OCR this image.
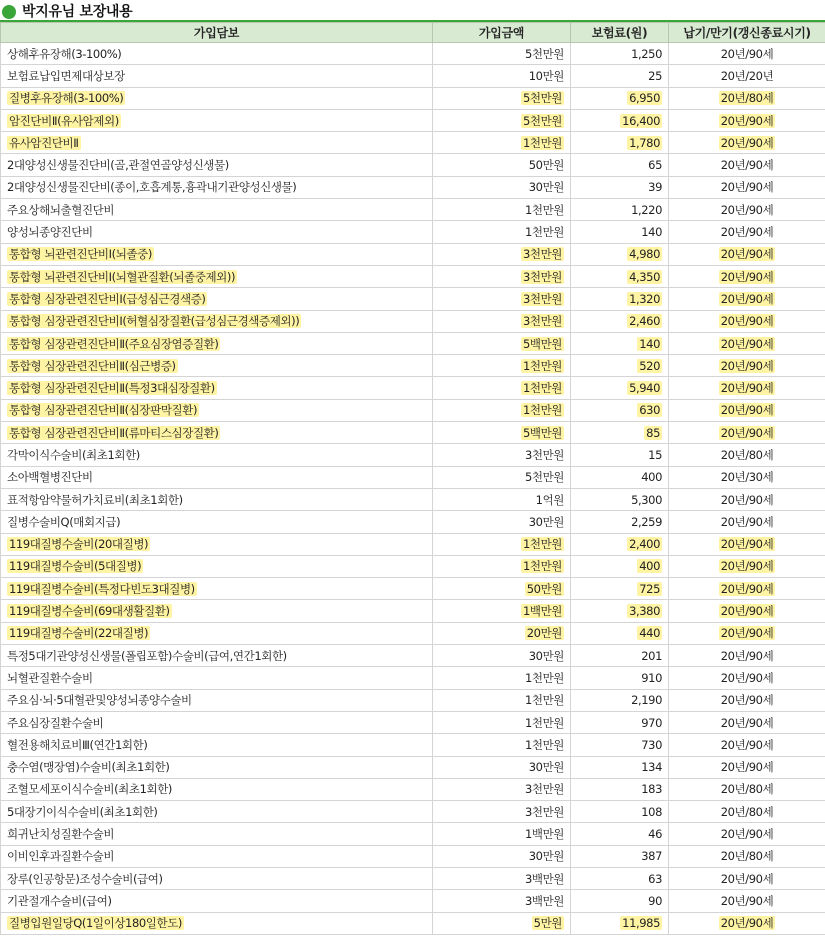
박지유님 보장내용
가입담보	가입금액	보험료(원)	납기/만기(갱신종료시기)
상해후유장해(3-100%)	5천만원	1,250	20년/90세
보험료납입면제대상보장	10만원	25	20년/20년
질병후유장해(3-100%)	5천만원	6,950	20년/80세
암진단비Ⅱ(유사암제외)	5천만원	16,400	20년/90세
유사암진단비Ⅱ	1천만원	1,780	20년/90세
2대양성신생물진단비(골,관절연골양성신생물)	50만원	65	20년/90세
2대양성신생물진단비(종이,호흡계통,흉곽내기관양성신생물)	30만원	39	20년/90세
주요상해뇌출혈진단비	1천만원	1,220	20년/90세
양성뇌종양진단비	1천만원	140	20년/90세
통합형 뇌관련진단비Ⅰ(뇌졸중)	3천만원	4,980	20년/90세
통합형 뇌관련진단비Ⅰ(뇌혈관질환(뇌졸중제외))	3천만원	4,350	20년/90세
통합형 심장관련진단비Ⅰ(급성심근경색증)	3천만원	1,320	20년/90세
통합형 심장관련진단비Ⅰ(허혈심장질환(급성심근경색증제외))	3천만원	2,460	20년/90세
통합형 심장관련진단비Ⅱ(주요심장염증질환)	5백만원	140	20년/90세
통합형 심장관련진단비Ⅱ(심근병증)	1천만원	520	20년/90세
통합형 심장관련진단비Ⅱ(특정3대심장질환)	1천만원	5,940	20년/90세
통합형 심장관련진단비Ⅱ(심장판막질환)	1천만원	630	20년/90세
통합형 심장관련진단비Ⅱ(류마티스심장질환)	5백만원	85	20년/90세
각막이식수술비(최초1회한)	3천만원	15	20년/80세
소아백혈병진단비	5천만원	400	20년/30세
표적항암약물허가치료비(최초1회한)	1억원	5,300	20년/90세
질병수술비Q(매회지급)	30만원	2,259	20년/90세
119대질병수술비(20대질병)	1천만원	2,400	20년/90세
119대질병수술비(5대질병)	1천만원	400	20년/90세
119대질병수술비(특정다빈도3대질병)	50만원	725	20년/90세
119대질병수술비(69대생활질환)	1백만원	3,380	20년/90세
119대질병수술비(22대질병)	20만원	440	20년/90세
특정5대기관양성신생물(폴립포함)수술비(급여,연간1회한)	30만원	201	20년/90세
뇌혈관질환수술비	1천만원	910	20년/90세
주요심·뇌·5대혈관및양성뇌종양수술비	1천만원	2,190	20년/90세
주요심장질환수술비	1천만원	970	20년/90세
혈전용해치료비Ⅲ(연간1회한)	1천만원	730	20년/90세
충수염(맹장염)수술비(최초1회한)	30만원	134	20년/90세
조혈모세포이식수술비(최초1회한)	3천만원	183	20년/80세
5대장기이식수술비(최초1회한)	3천만원	108	20년/80세
희귀난치성질환수술비	1백만원	46	20년/90세
이비인후과질환수술비	30만원	387	20년/80세
장루(인공항문)조성수술비(급여)	3백만원	63	20년/90세
기관절개수술비(급여)	3백만원	90	20년/90세
질병입원일당Q(1일이상180일한도)	5만원	11,985	20년/90세
